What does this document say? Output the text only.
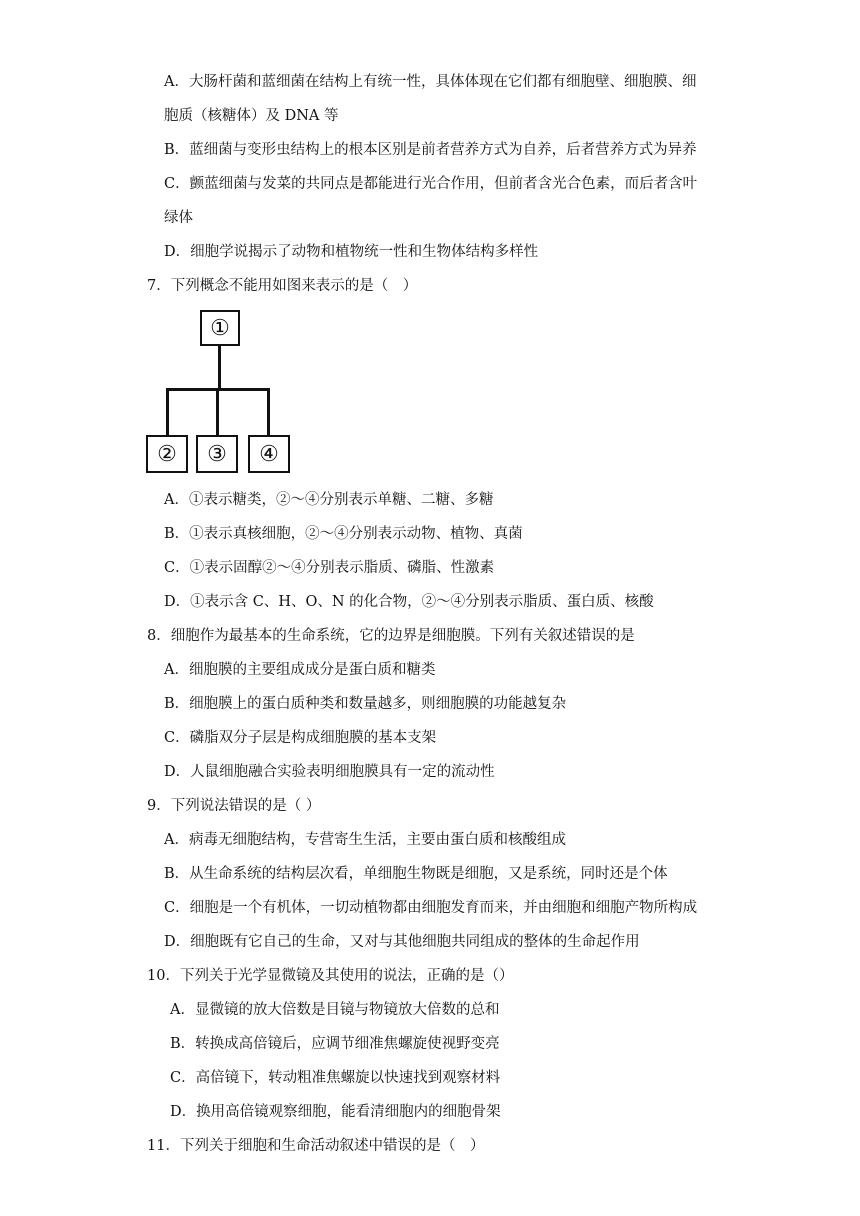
A．大肠杆菌和蓝细菌在结构上有统一性，具体体现在它们都有细胞壁、细胞膜、细
胞质（核糖体）及 DNA 等
B．蓝细菌与变形虫结构上的根本区别是前者营养方式为自养，后者营养方式为异养
C．颤蓝细菌与发菜的共同点是都能进行光合作用，但前者含光合色素，而后者含叶
绿体
D．细胞学说揭示了动物和植物统一性和生物体结构多样性
7．下列概念不能用如图来表示的是（　）
①
②	③	④
A．①表示糖类，②～④分别表示单糖、二糖、多糖
B．①表示真核细胞，②～④分别表示动物、植物、真菌
C．①表示固醇②～④分别表示脂质、磷脂、性激素
D．①表示含 C、H、O、N 的化合物，②～④分别表示脂质、蛋白质、核酸
8．细胞作为最基本的生命系统，它的边界是细胞膜。下列有关叙述错误的是
A．细胞膜的主要组成成分是蛋白质和糖类
B．细胞膜上的蛋白质种类和数量越多，则细胞膜的功能越复杂
C．磷脂双分子层是构成细胞膜的基本支架
D．人鼠细胞融合实验表明细胞膜具有一定的流动性
9．下列说法错误的是（ ）
A．病毒无细胞结构，专营寄生生活，主要由蛋白质和核酸组成
B．从生命系统的结构层次看，单细胞生物既是细胞，又是系统，同时还是个体
C．细胞是一个有机体，一切动植物都由细胞发育而来，并由细胞和细胞产物所构成
D．细胞既有它自己的生命，又对与其他细胞共同组成的整体的生命起作用
10．下列关于光学显微镜及其使用的说法，正确的是（）
A．显微镜的放大倍数是目镜与物镜放大倍数的总和
B．转换成高倍镜后，应调节细准焦螺旋使视野变亮
C．高倍镜下，转动粗准焦螺旋以快速找到观察材料
D．换用高倍镜观察细胞，能看清细胞内的细胞骨架
11．下列关于细胞和生命活动叙述中错误的是（　）
